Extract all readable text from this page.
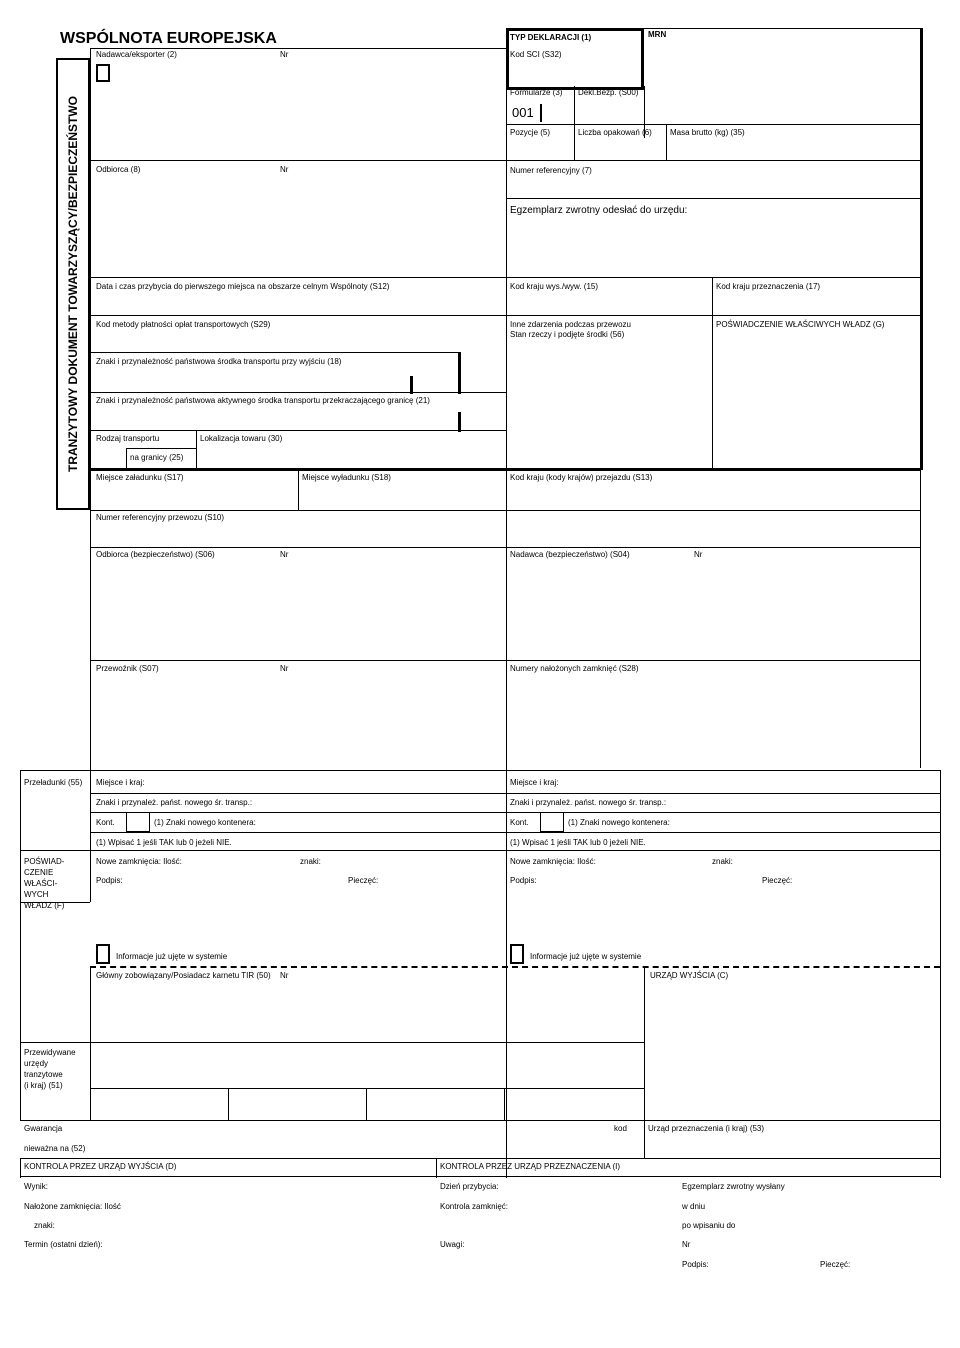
WSPÓLNOTA EUROPEJSKA
TRANZYTOWY DOKUMENT TOWARZYSZĄCY/BEZPIECZEŃSTWO
Nadawca/eksporter (2)	Nr
TYP DEKLARACJI (1)
Kod SCI (S32)
MRN
Odbiorca (8)	Nr
Data i czas przybycia do pierwszego miejsca na obszarze celnym Wspólnoty (S12)
Kod metody płatności opłat transportowych (S29)
Znaki i przynależność państwowa środka transportu przy wyjściu (18)
Znaki i przynależność państwowa aktywnego środka transportu przekraczającego granicę (21)
Rodzaj transportu	Lokalizacja towaru (30)
na granicy (25)
Miejsce załadunku (S17)	Miejsce wyładunku (S18)
Formularze (3) Dekl.Bezp. (S00)
001
Pozycje (5)	Liczba opakowań (6) Masa brutto (kg) (35)
Numer referencyjny (7)
Egzemplarz zwrotny odesłać do urzędu:
Kod kraju wys./wyw. (15)	Kod kraju przeznaczenia (17)
Inne zdarzenia podczas przewozu
Stan rzeczy i podjęte środki (56)
POŚWIADCZENIE WŁAŚCIWYCH WŁADZ (G)
Kod kraju (kody krajów) przejazdu (S13)
Numer referencyjny przewozu (S10)
Odbiorca (bezpieczeństwo) (S06)	Nr	Nadawca (bezpieczeństwo) (S04)	Nr
Przewoźnik (S07)	Nr	Numery nałożonych zamknięć (S28)
Przeładunki (55) Miejsce i kraj:	Miejsce i kraj:
Znaki i przynależ. państ. nowego śr. transp.:	Znaki i przynależ. państ. nowego śr. transp.:
Kont.	(1) Znaki nowego kontenera:	Kont.	(1) Znaki nowego kontenera:
(1) Wpisać 1 jeśli TAK lub 0 jeżeli NIE.	(1) Wpisać 1 jeśli TAK lub 0 jeżeli NIE.
POŚWIAD-
CZENIE
WŁAŚCI-
WYCH
WŁADZ (F)
Nowe zamknięcia: Ilość:	znaki:	Nowe zamknięcia: Ilość:	znaki:
Podpis:	Pieczęć:	Podpis:	Pieczęć:
Informacje już ujęte w systemie	Informacje już ujęte w systemie
Główny zobowiązany/Posiadacz karnetu TIR (50) Nr	URZĄD WYJŚCIA (C)
Przewidywane
urzędy
tranzytowe
(i kraj) (51)
Gwarancja	kod	Urząd przeznaczenia (i kraj) (53)
nieważna na (52)
KONTROLA PRZEZ URZĄD WYJŚCIA (D)	KONTROLA PRZEZ URZĄD PRZEZNACZENIA (I)
Wynik:
Nałożone zamknięcia: Ilość
znaki:
Termin (ostatni dzień):
Dzień przybycia:
Kontrola zamknięć:
Uwagi:
Egzemplarz zwrotny wysłany
w dniu
po wpisaniu do
Nr
Podpis:	Pieczęć:
